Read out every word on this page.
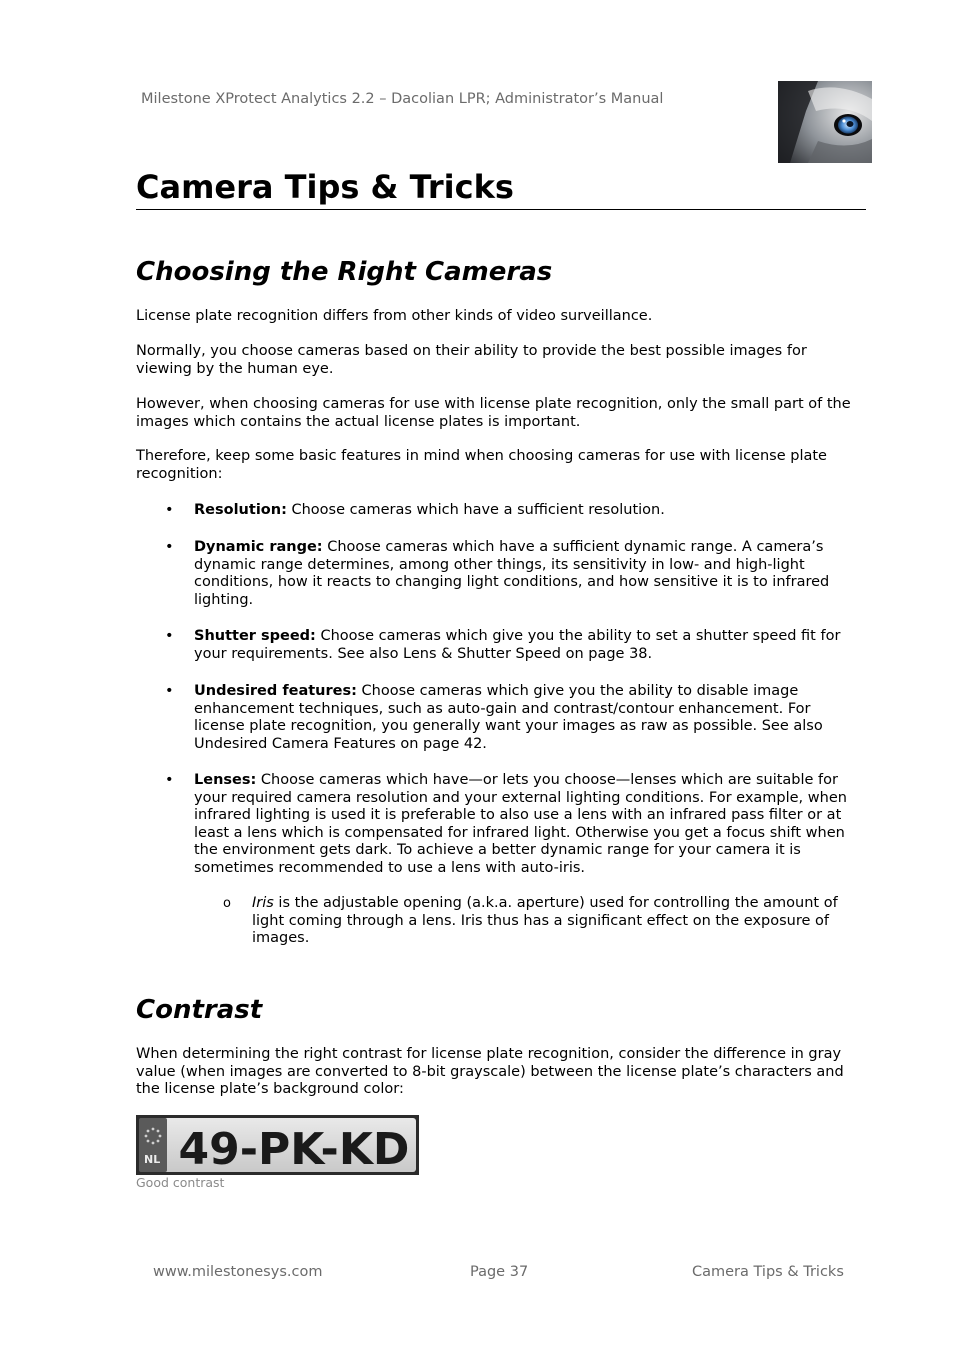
Milestone XProtect Analytics 2.2 – Dacolian LPR; Administrator’s Manual
Camera Tips & Tricks
Choosing the Right Cameras

License plate recognition differs from other kinds of video surveillance.

Normally, you choose cameras based on their ability to provide the best possible images for viewing by the human eye.

However, when choosing cameras for use with license plate recognition, only the small part of the images which contains the actual license plates is important.

Therefore, keep some basic features in mind when choosing cameras for use with license plate recognition:

• Resolution: Choose cameras which have a sufficient resolution.
• Dynamic range: Choose cameras which have a sufficient dynamic range. A camera’s dynamic range determines, among other things, its sensitivity in low- and high-light conditions, how it reacts to changing light conditions, and how sensitive it is to infrared lighting.
• Shutter speed: Choose cameras which give you the ability to set a shutter speed fit for your requirements. See also Lens & Shutter Speed on page 38.
• Undesired features: Choose cameras which give you the ability to disable image enhancement techniques, such as auto-gain and contrast/contour enhancement. For license plate recognition, you generally want your images as raw as possible. See also Undesired Camera Features on page 42.
• Lenses: Choose cameras which have—or lets you choose—lenses which are suitable for your required camera resolution and your external lighting conditions. For example, when infrared lighting is used it is preferable to also use a lens with an infrared pass filter or at least a lens which is compensated for infrared light. Otherwise you get a focus shift when the environment gets dark. To achieve a better dynamic range for your camera it is sometimes recommended to use a lens with auto-iris.
o Iris is the adjustable opening (a.k.a. aperture) used for controlling the amount of light coming through a lens. Iris thus has a significant effect on the exposure of images.
Contrast

When determining the right contrast for license plate recognition, consider the difference in gray value (when images are converted to 8-bit grayscale) between the license plate’s characters and the license plate’s background color:

NL 49-PK-KD
Good contrast
www.milestonesys.com	Page 37	Camera Tips & Tricks
